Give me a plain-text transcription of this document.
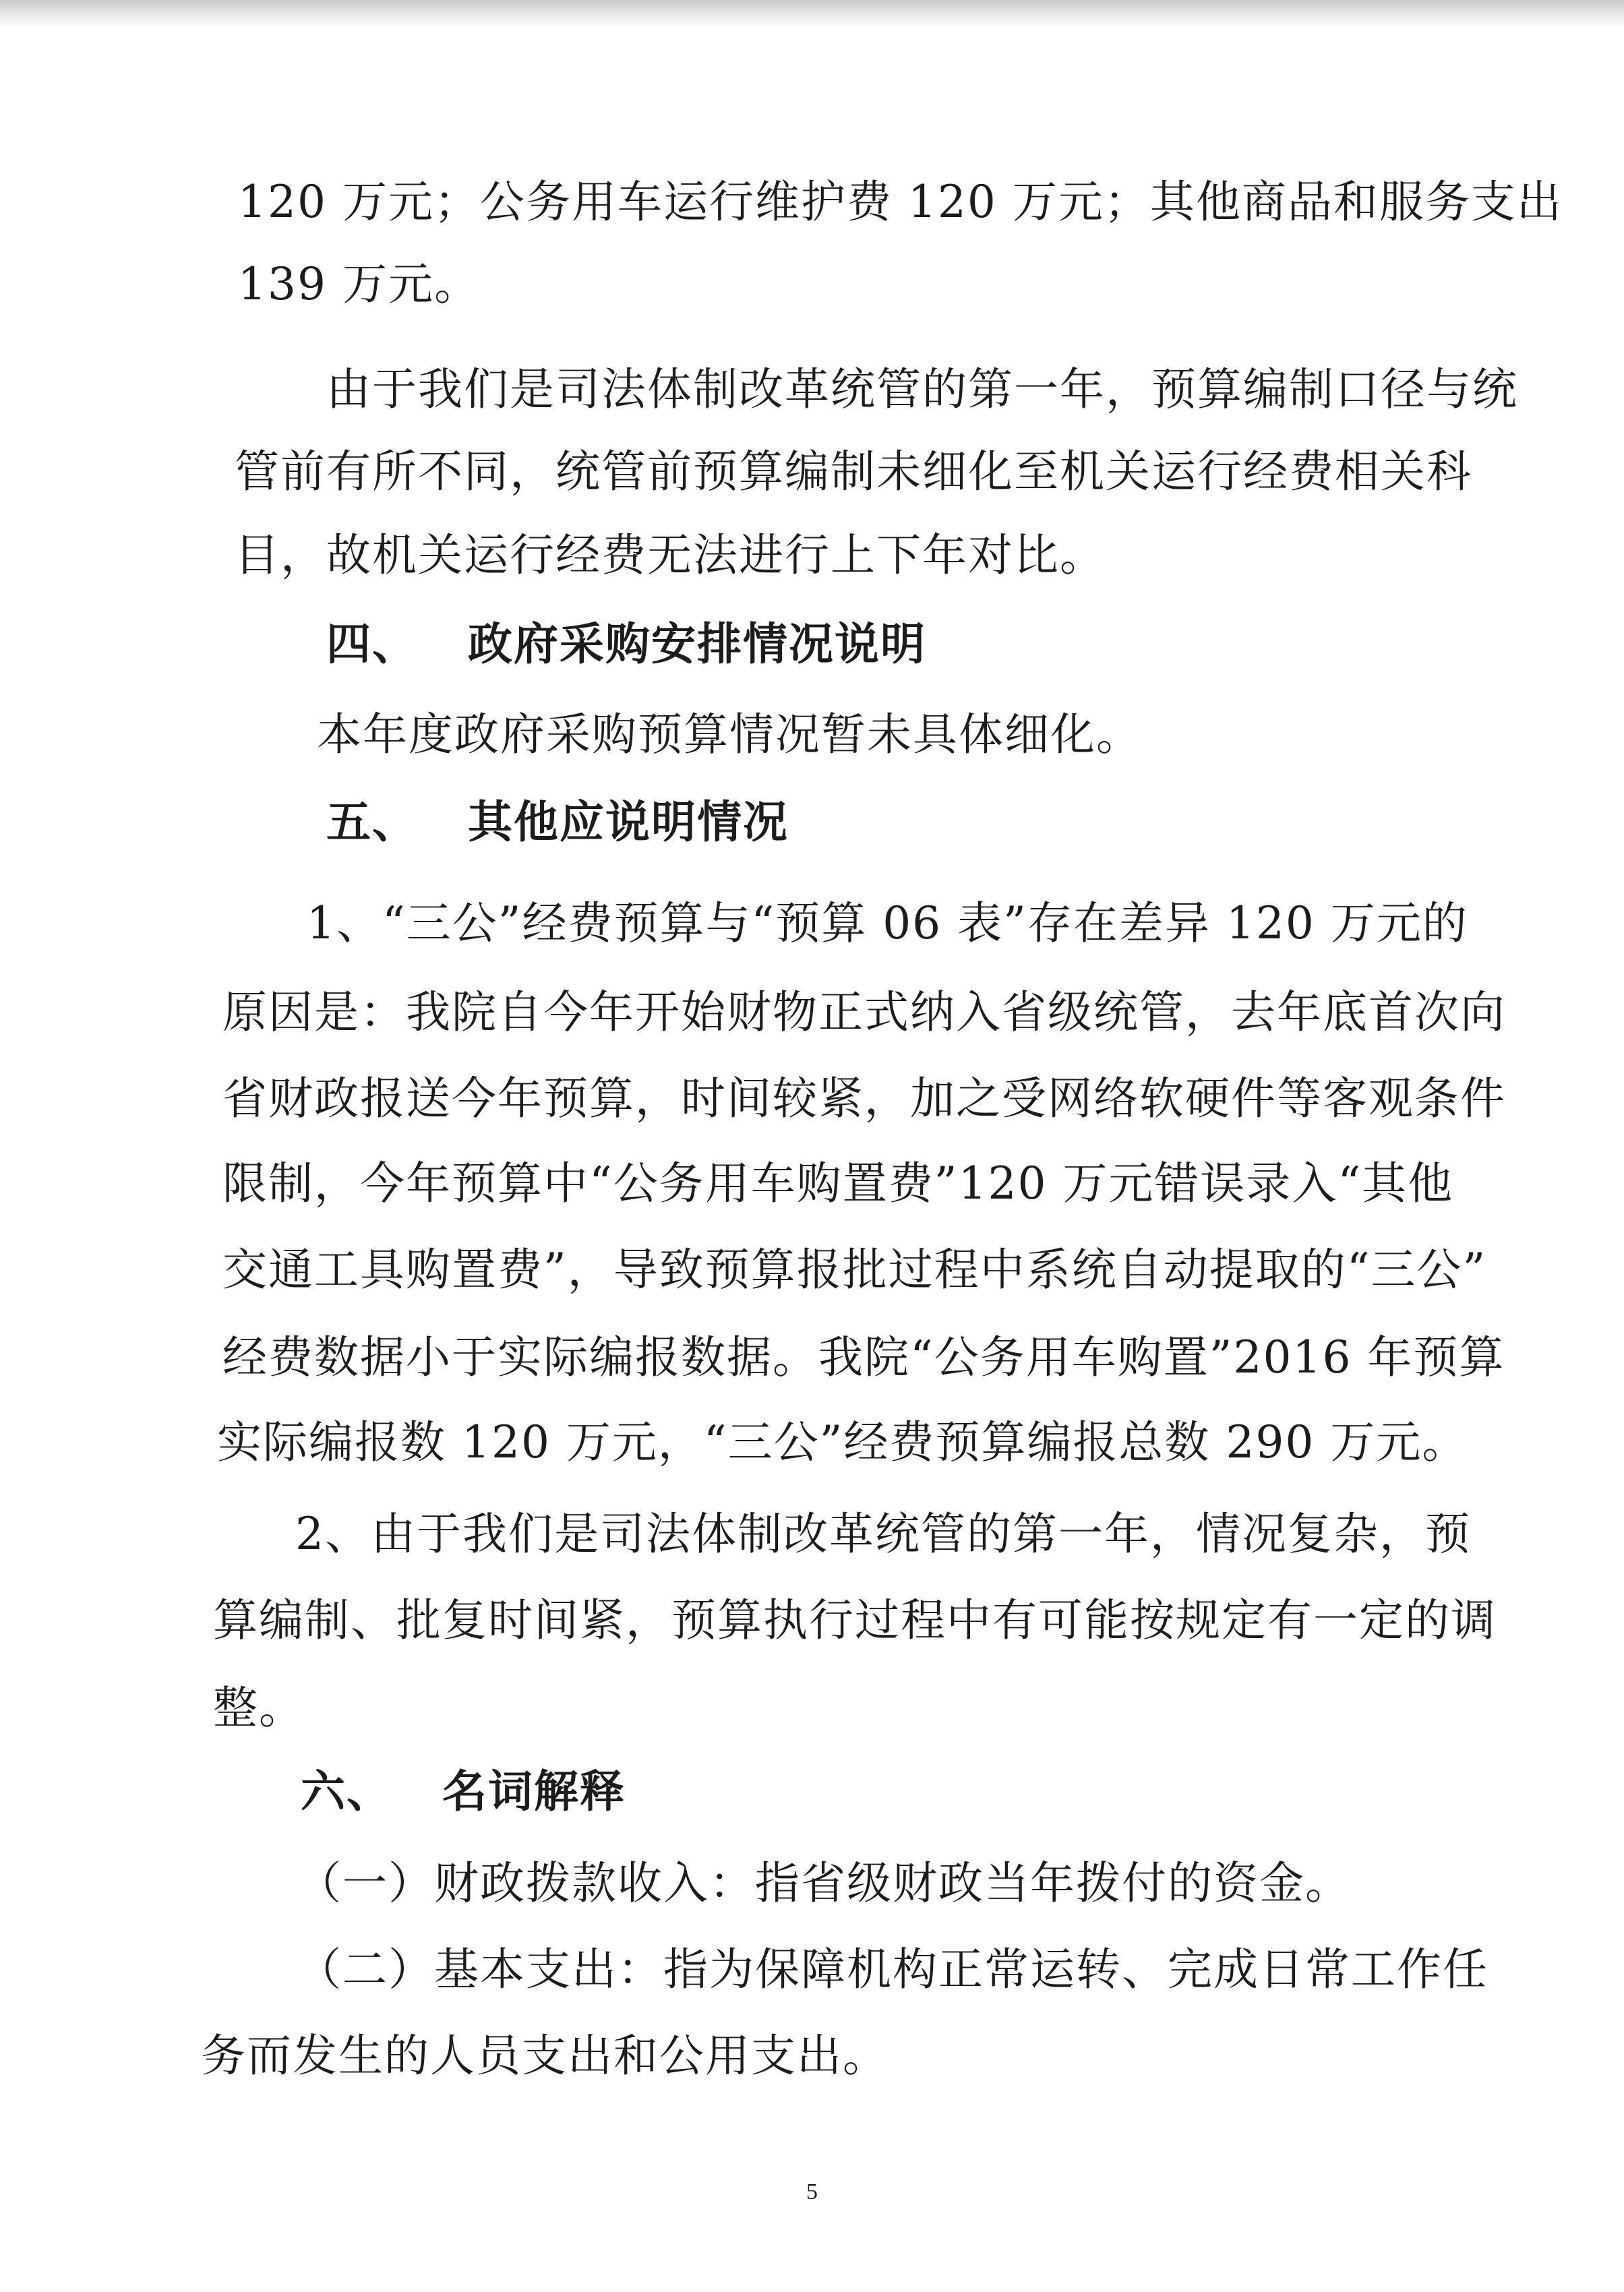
120 万元；公务用车运行维护费 120 万元；其他商品和服务支出
139 万元。
由于我们是司法体制改革统管的第一年，预算编制口径与统
管前有所不同，统管前预算编制未细化至机关运行经费相关科
目，故机关运行经费无法进行上下年对比。
四、 政府采购安排情况说明
本年度政府采购预算情况暂未具体细化。
五、 其他应说明情况
1、“三公”经费预算与“预算 06 表”存在差异 120 万元的
原因是：我院自今年开始财物正式纳入省级统管，去年底首次向
省财政报送今年预算，时间较紧，加之受网络软硬件等客观条件
限制，今年预算中“公务用车购置费”120 万元错误录入“其他
交通工具购置费”，导致预算报批过程中系统自动提取的“三公”
经费数据小于实际编报数据。我院“公务用车购置”2016 年预算
实际编报数 120 万元，“三公”经费预算编报总数 290 万元。
2、由于我们是司法体制改革统管的第一年，情况复杂，预
算编制、批复时间紧，预算执行过程中有可能按规定有一定的调
整。
六、 名词解释
（一）财政拨款收入：指省级财政当年拨付的资金。
（二）基本支出：指为保障机构正常运转、完成日常工作任
务而发生的人员支出和公用支出。
5
